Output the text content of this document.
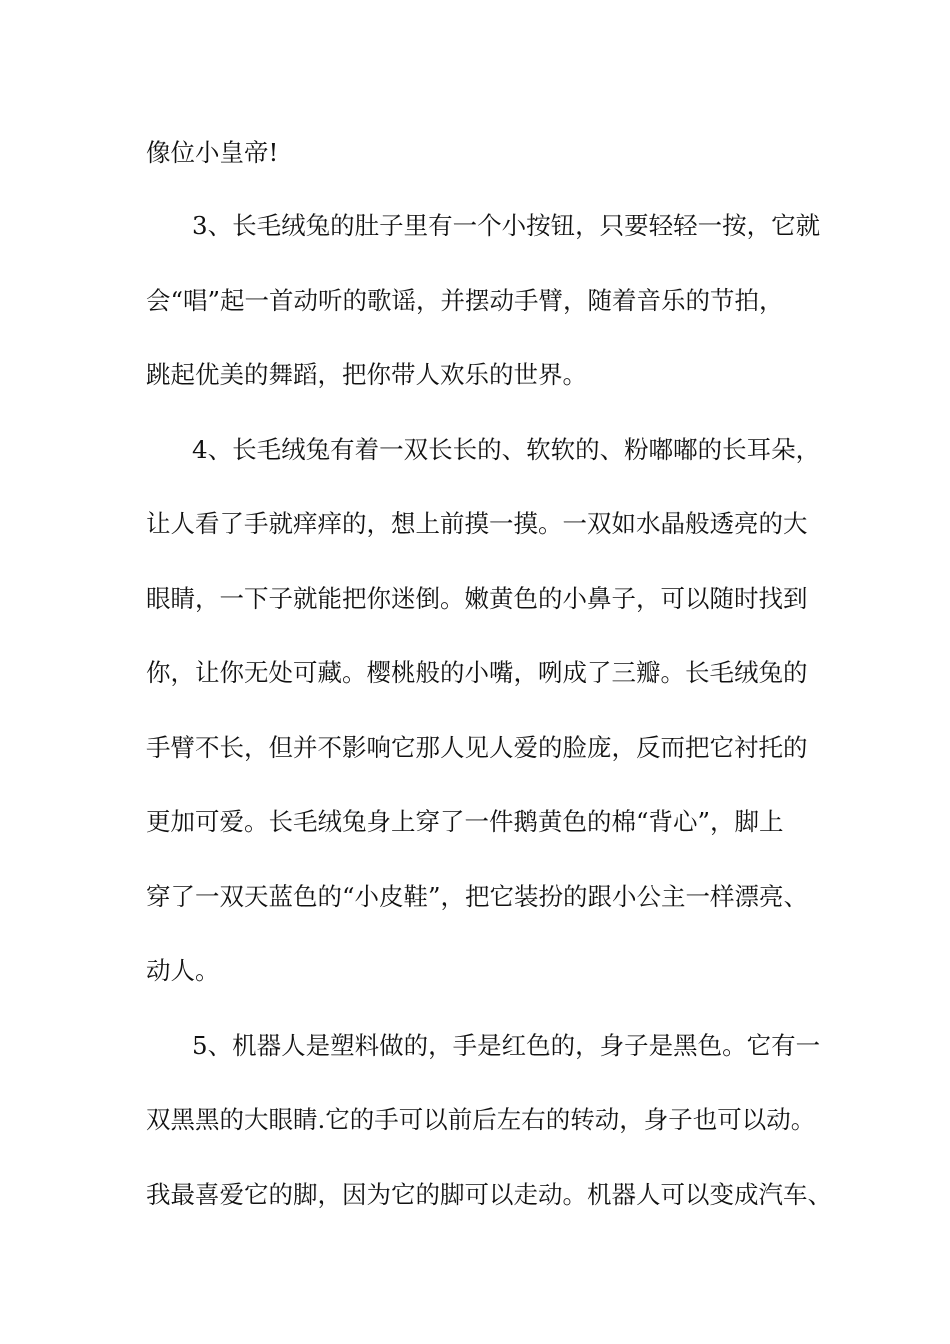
像位小皇帝!
3、长毛绒兔的肚子里有一个小按钮，只要轻轻一按，它就
会“唱”起一首动听的歌谣，并摆动手臂，随着音乐的节拍，
跳起优美的舞蹈，把你带人欢乐的世界。
4、长毛绒兔有着一双长长的、软软的、粉嘟嘟的长耳朵，
让人看了手就痒痒的，想上前摸一摸。一双如水晶般透亮的大
眼睛，一下子就能把你迷倒。嫩黄色的小鼻子，可以随时找到
你，让你无处可藏。樱桃般的小嘴，咧成了三瓣。长毛绒兔的
手臂不长，但并不影响它那人见人爱的脸庞，反而把它衬托的
更加可爱。长毛绒兔身上穿了一件鹅黄色的棉“背心”，脚上
穿了一双天蓝色的“小皮鞋”，把它装扮的跟小公主一样漂亮、
动人。
5、机器人是塑料做的，手是红色的，身子是黑色。它有一
双黑黑的大眼睛.它的手可以前后左右的转动，身子也可以动。
我最喜爱它的脚，因为它的脚可以走动。机器人可以变成汽车、
